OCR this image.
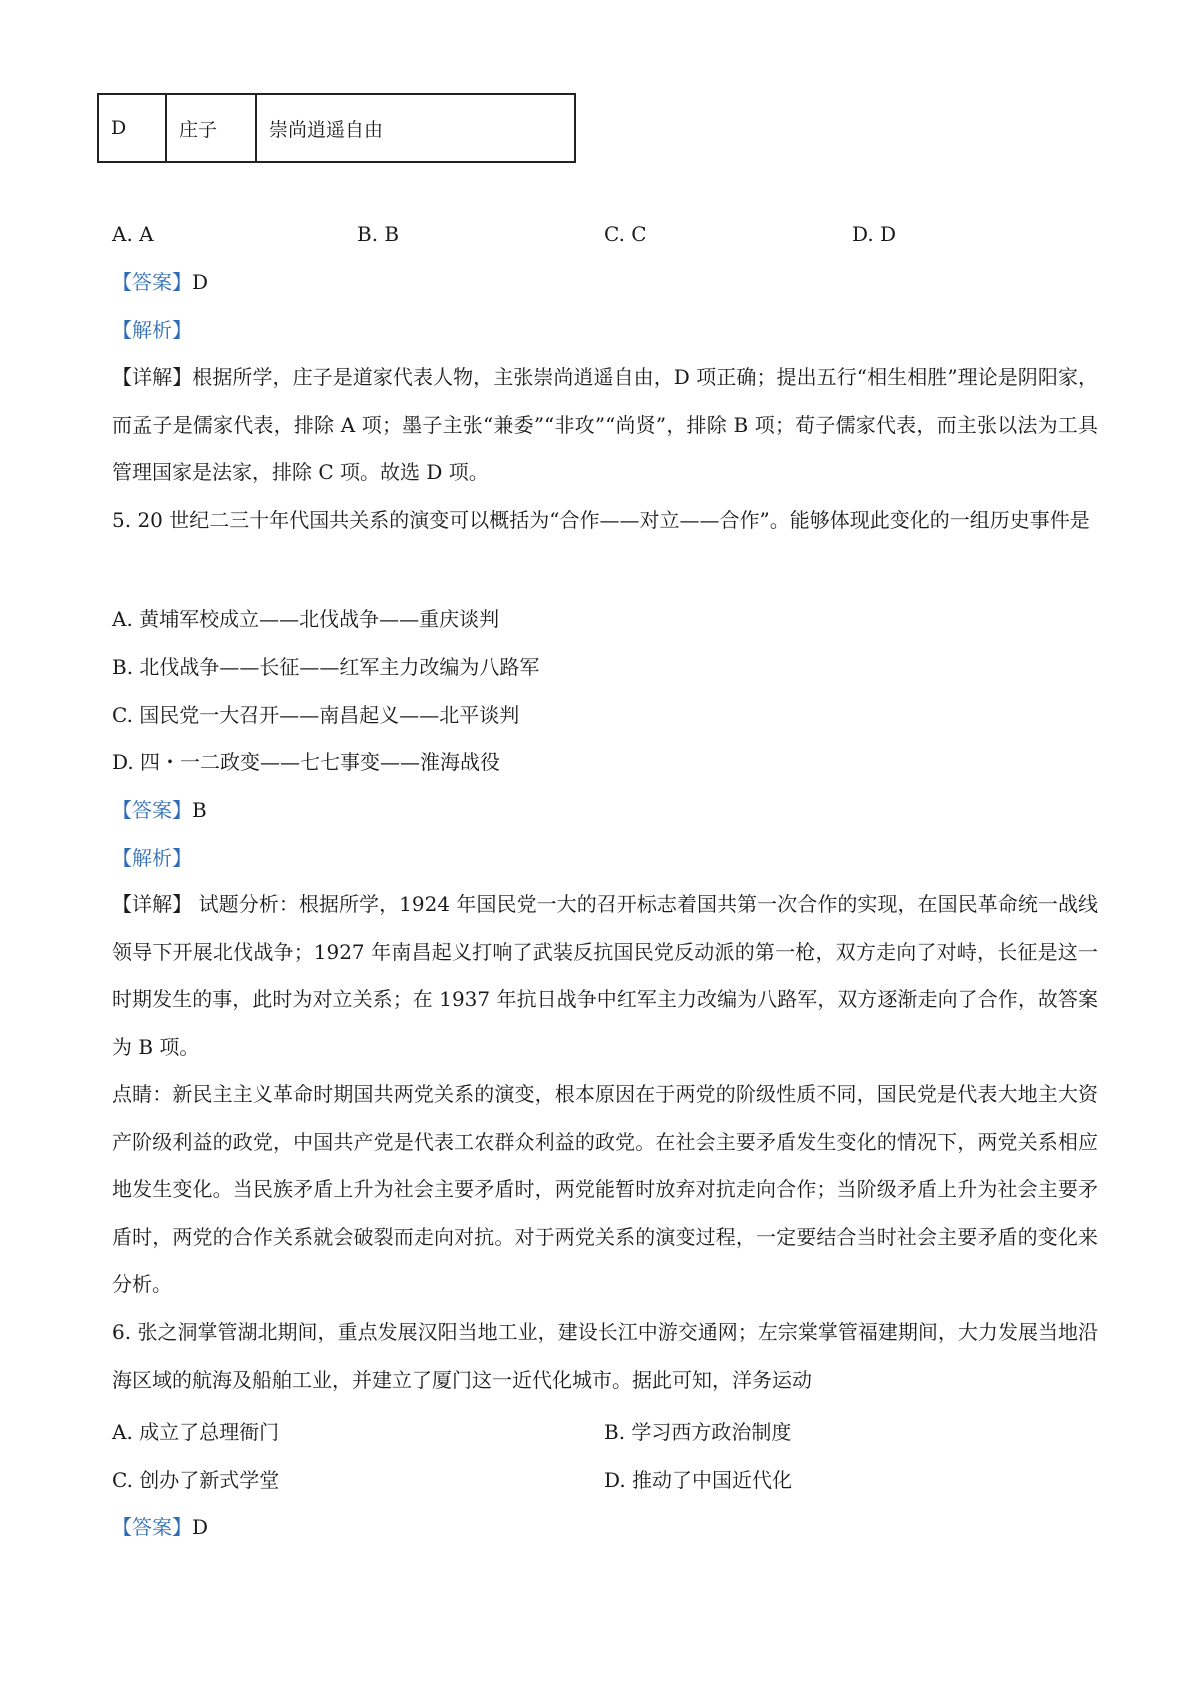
D	庄子	崇尚逍遥自由
A. A	B. B	C. C	D. D
【答案】D
【解析】
【详解】根据所学，庄子是道家代表人物，主张崇尚逍遥自由，D 项正确；提出五行“相生相胜”理论是阴阳家，而孟子是儒家代表，排除 A 项；墨子主张“兼委”“非攻”“尚贤”，排除 B 项；荀子儒家代表，而主张以法为工具管理国家是法家，排除 C 项。故选 D 项。
5. 20 世纪二三十年代国共关系的演变可以概括为“合作——对立——合作”。能够体现此变化的一组历史事件是
A. 黄埔军校成立——北伐战争——重庆谈判
B. 北伐战争——长征——红军主力改编为八路军
C. 国民党一大召开——南昌起义——北平谈判
D. 四・一二政变——七七事变——淮海战役
【答案】B
【解析】
【详解】 试题分析：根据所学，1924 年国民党一大的召开标志着国共第一次合作的实现，在国民革命统一战线领导下开展北伐战争；1927 年南昌起义打响了武装反抗国民党反动派的第一枪，双方走向了对峙，长征是这一时期发生的事，此时为对立关系；在 1937 年抗日战争中红军主力改编为八路军，双方逐渐走向了合作，故答案为 B 项。
点睛：新民主主义革命时期国共两党关系的演变，根本原因在于两党的阶级性质不同，国民党是代表大地主大资产阶级利益的政党，中国共产党是代表工农群众利益的政党。在社会主要矛盾发生变化的情况下，两党关系相应地发生变化。当民族矛盾上升为社会主要矛盾时，两党能暂时放弃对抗走向合作；当阶级矛盾上升为社会主要矛盾时，两党的合作关系就会破裂而走向对抗。对于两党关系的演变过程，一定要结合当时社会主要矛盾的变化来分析。
6. 张之洞掌管湖北期间，重点发展汉阳当地工业，建设长江中游交通网；左宗棠掌管福建期间，大力发展当地沿海区域的航海及船舶工业，并建立了厦门这一近代化城市。据此可知，洋务运动
A. 成立了总理衙门	B. 学习西方政治制度
C. 创办了新式学堂	D. 推动了中国近代化
【答案】D
